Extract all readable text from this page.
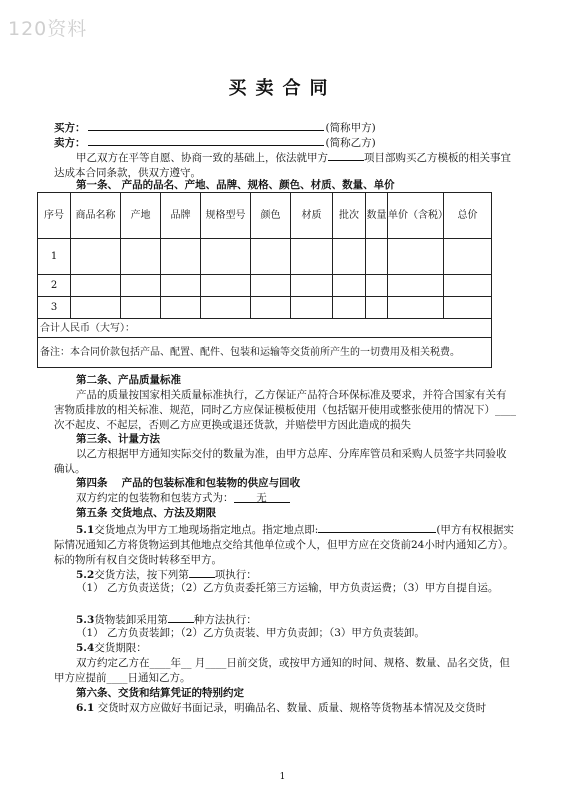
120资料
买卖合同
买方：	(简称甲方)
卖方：	(简称乙方)
甲乙双方在平等自愿、协商一致的基础上，依法就甲方	项目部购买乙方模板的相关事宜达成本合同条款，供双方遵守。
第一条、 产品的品名、产地、品牌、规格、颜色、材质、数量、单价
序号	商品名称	产地	品牌	规格型号	颜色	材质	批次	数量	单价（含税）	总价
1										
2										
3										
合计人民币（大写）：										
备注：本合同价款包括产品、配置、配件、包装和运输等交货前所产生的一切费用及相关税费。										
第二条、产品质量标准
产品的质量按国家相关质量标准执行，乙方保证产品符合环保标准及要求，并符合国家有关有害物质排放的相关标准、规范，同时乙方应保证模板使用（包括锯开使用或整张使用的情况下）____次不起皮、不起层，否则乙方应更换或退还货款，并赔偿甲方因此造成的损失
第三条、计量方法
以乙方根据甲方通知实际交付的数量为准，由甲方总库、分库库管员和采购人员签字共同验收确认。
第四条　 产品的包装标准和包装物的供应与回收
双方约定的包装物和包装方式为： 无
第五条 交货地点、方法及期限
5.1交货地点为甲方工地现场指定地点。指定地点即:	(甲方有权根据实际情况通知乙方将货物运到其他地点交给其他单位或个人，但甲方应在交货前24小时内通知乙方）。标的物所有权自交货时转移至甲方。
5.2交货方法，按下列第 项执行：
（1） 乙方负责送货；（2）乙方负责委托第三方运输，甲方负责运费；（3）甲方自提自运。
5.3货物装卸采用第 种方法执行：
（1） 乙方负责装卸；（2）乙方负责装、甲方负责卸；（3）甲方负责装卸。
5.4交货期限：
双方约定乙方在____年__ 月____日前交货，或按甲方通知的时间、规格、数量、品名交货，但甲方应提前____日通知乙方。
第六条、交货和结算凭证的特别约定
6.1 交货时双方应做好书面记录，明确品名、数量、质量、规格等货物基本情况及交货时
1
